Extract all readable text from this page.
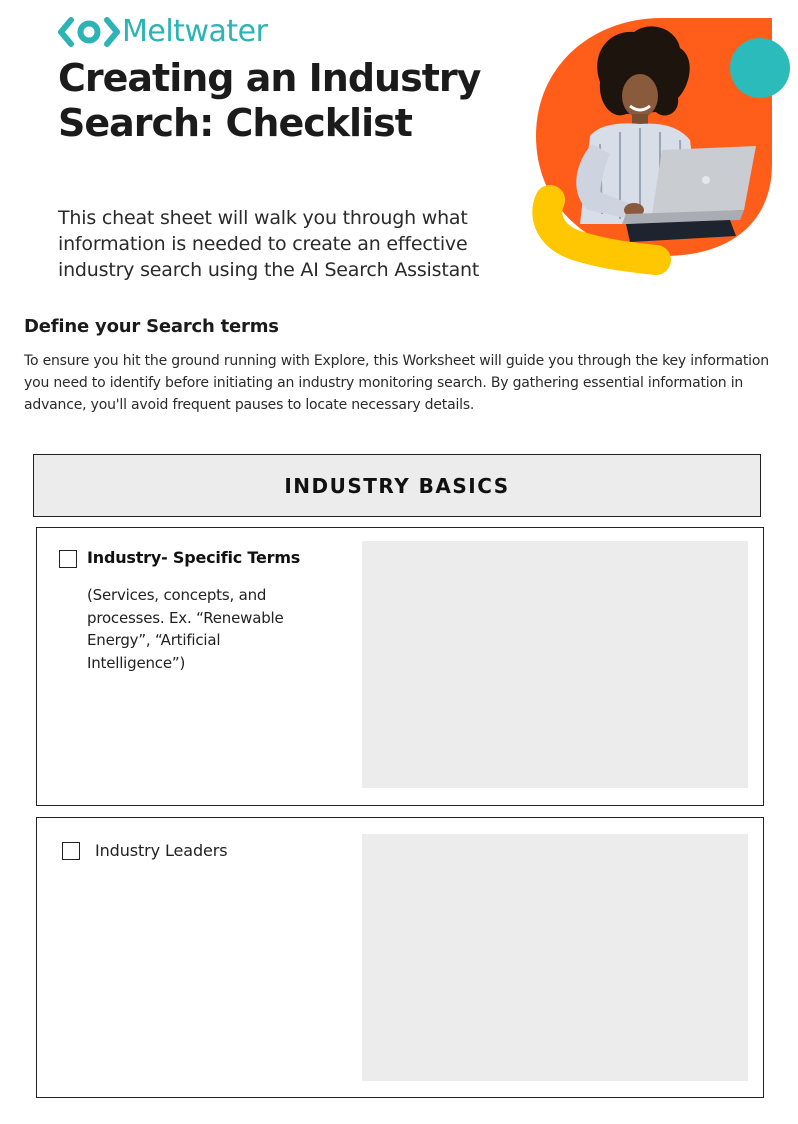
Meltwater
Creating an Industry Search: Checklist

This cheat sheet will walk you through what information is needed to create an effective industry search using the AI Search Assistant

Define your Search terms

To ensure you hit the ground running with Explore, this Worksheet will guide you through the key information you need to identify before initiating an industry monitoring search. By gathering essential information in advance, you'll avoid frequent pauses to locate necessary details.

INDUSTRY BASICS
Industry- Specific Terms

(Services, concepts, and processes. Ex. “Renewable Energy”, “Artificial Intelligence”)

Industry Leaders
